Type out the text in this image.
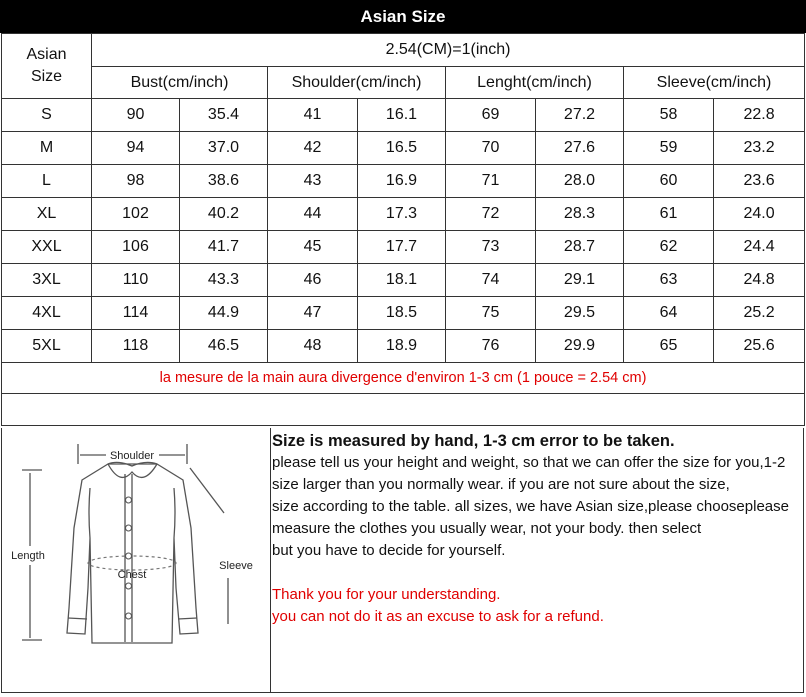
Asian Size
Asian Size	2.54(CM)=1(inch)							
	Bust(cm/inch)		Shoulder(cm/inch)		Lenght(cm/inch)		Sleeve(cm/inch)	
S	90	35.4	41	16.1	69	27.2	58	22.8
M	94	37.0	42	16.5	70	27.6	59	23.2
L	98	38.6	43	16.9	71	28.0	60	23.6
XL	102	40.2	44	17.3	72	28.3	61	24.0
XXL	106	41.7	45	17.7	73	28.7	62	24.4
3XL	110	43.3	46	18.1	74	29.1	63	24.8
4XL	114	44.9	47	18.5	75	29.5	64	25.2
5XL	118	46.5	48	18.9	76	29.9	65	25.6
la mesure de la main aura divergence d'environ 1-3 cm (1 pouce = 2.54 cm)								

Shoulder
Length
Chest
Sleeve

Size is measured by hand, 1-3 cm error to be taken.

please tell us your height and weight, so that we can offer the size for you,1-2 size larger than you normally wear. if you are not sure about the size,

size according to the table. all sizes, we have Asian size,please chooseplease measure the clothes you usually wear, not your body. then select

but you have to decide for yourself.

Thank you for your understanding.

you can not do it as an excuse to ask for a refund.
